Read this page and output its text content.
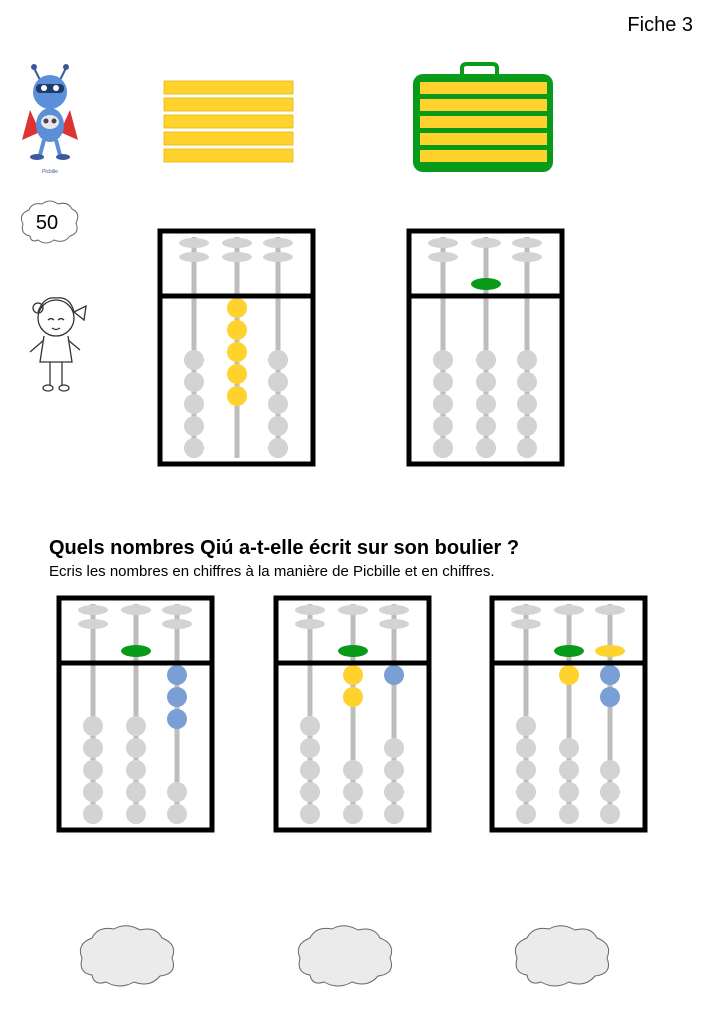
Fiche 3
Picbille
50
Quels nombres Qiú a-t-elle écrit sur son boulier ?
Ecris les nombres en chiffres à la manière de Picbille et en chiffres.
